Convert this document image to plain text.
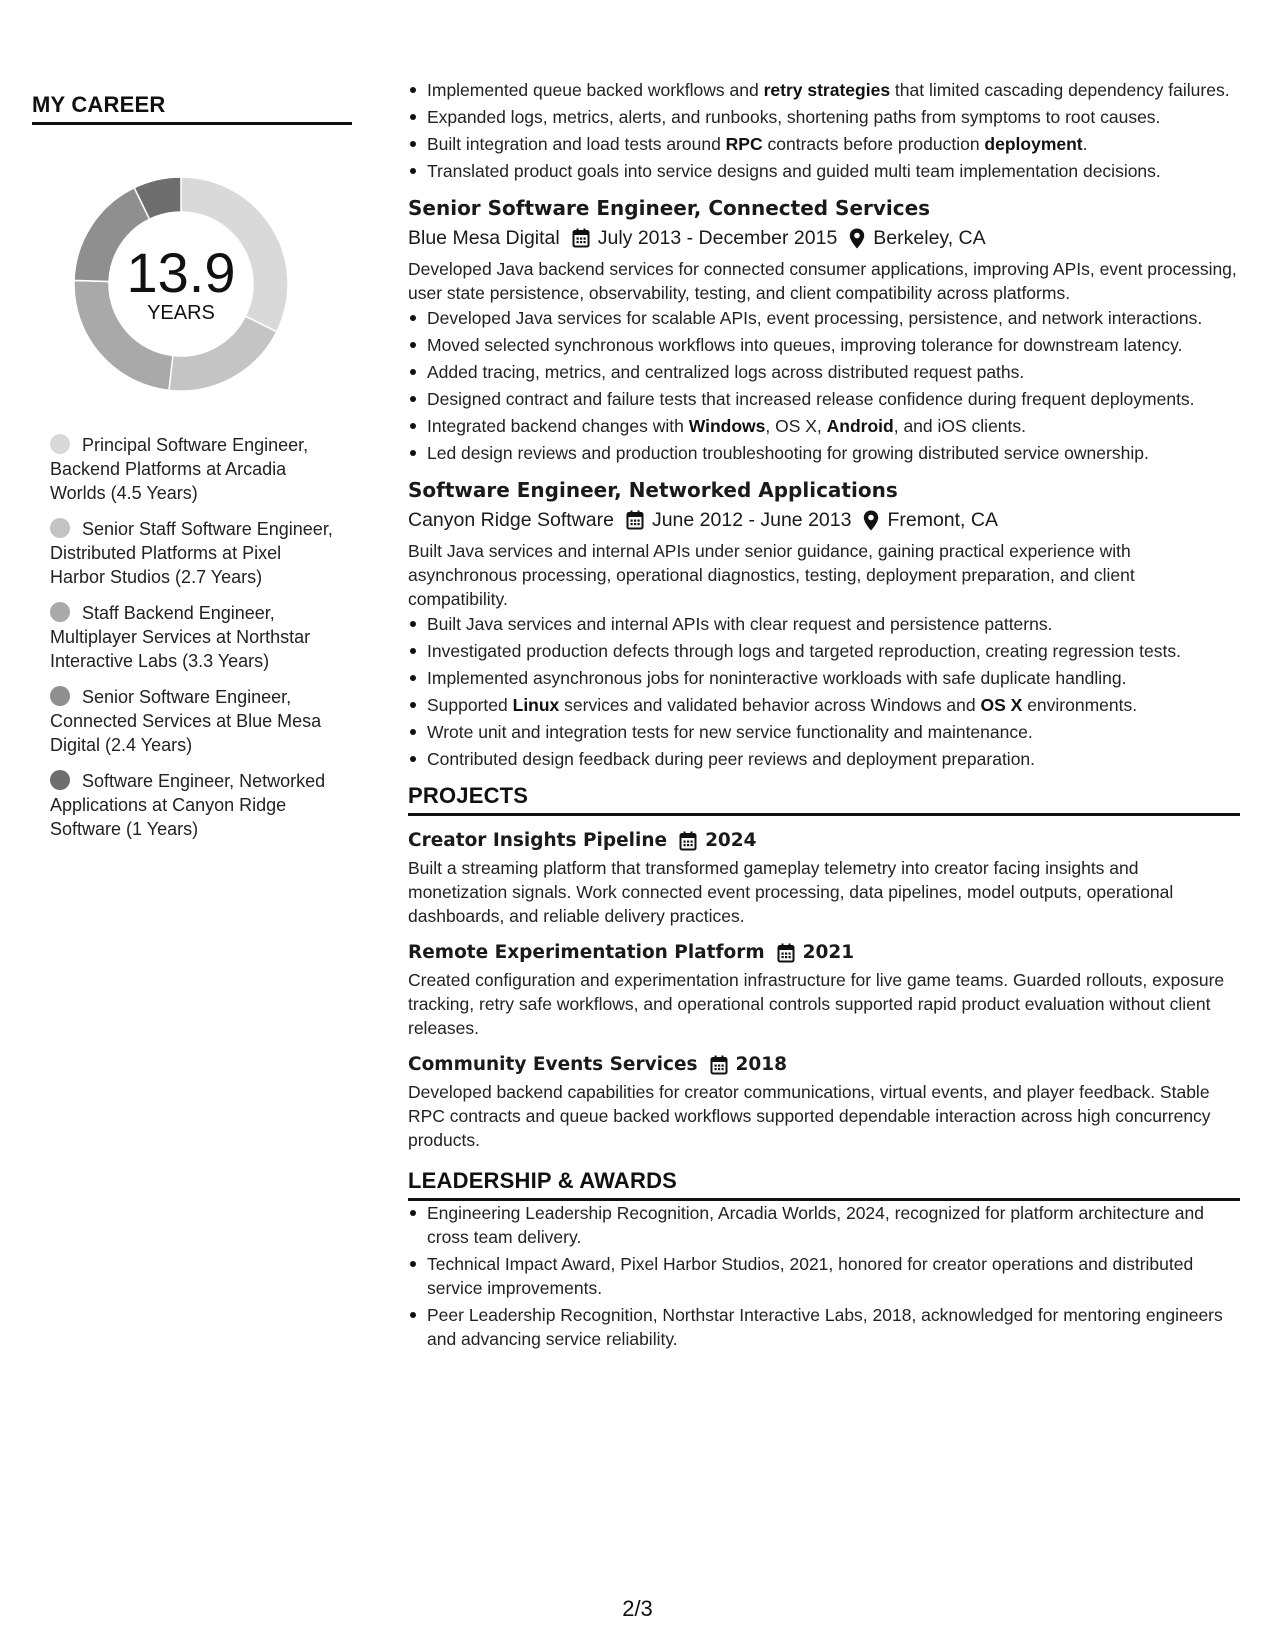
MY CAREER
13.9
YEARS
Principal Software Engineer, Backend Platforms at Arcadia Worlds (4.5 Years)
Senior Staff Software Engineer, Distributed Platforms at Pixel Harbor Studios (2.7 Years)
Staff Backend Engineer, Multiplayer Services at Northstar Interactive Labs (3.3 Years)
Senior Software Engineer, Connected Services at Blue Mesa Digital (2.4 Years)
Software Engineer, Networked Applications at Canyon Ridge Software (1 Years)
Implemented queue backed workflows and retry strategies that limited cascading dependency failures.
Expanded logs, metrics, alerts, and runbooks, shortening paths from symptoms to root causes.
Built integration and load tests around RPC contracts before production deployment.
Translated product goals into service designs and guided multi team implementation decisions.
Senior Software Engineer, Connected Services
Blue Mesa Digital July 2013 - December 2015 Berkeley, CA
Developed Java backend services for connected consumer applications, improving APIs, event processing, user state persistence, observability, testing, and client compatibility across platforms.
Developed Java services for scalable APIs, event processing, persistence, and network interactions.
Moved selected synchronous workflows into queues, improving tolerance for downstream latency.
Added tracing, metrics, and centralized logs across distributed request paths.
Designed contract and failure tests that increased release confidence during frequent deployments.
Integrated backend changes with Windows, OS X, Android, and iOS clients.
Led design reviews and production troubleshooting for growing distributed service ownership.
Software Engineer, Networked Applications
Canyon Ridge Software June 2012 - June 2013 Fremont, CA
Built Java services and internal APIs under senior guidance, gaining practical experience with asynchronous processing, operational diagnostics, testing, deployment preparation, and client compatibility.
Built Java services and internal APIs with clear request and persistence patterns.
Investigated production defects through logs and targeted reproduction, creating regression tests.
Implemented asynchronous jobs for noninteractive workloads with safe duplicate handling.
Supported Linux services and validated behavior across Windows and OS X environments.
Wrote unit and integration tests for new service functionality and maintenance.
Contributed design feedback during peer reviews and deployment preparation.
PROJECTS
Creator Insights Pipeline 2024
Built a streaming platform that transformed gameplay telemetry into creator facing insights and monetization signals. Work connected event processing, data pipelines, model outputs, operational dashboards, and reliable delivery practices.
Remote Experimentation Platform 2021
Created configuration and experimentation infrastructure for live game teams. Guarded rollouts, exposure tracking, retry safe workflows, and operational controls supported rapid product evaluation without client releases.
Community Events Services 2018
Developed backend capabilities for creator communications, virtual events, and player feedback. Stable RPC contracts and queue backed workflows supported dependable interaction across high concurrency products.
LEADERSHIP & AWARDS
Engineering Leadership Recognition, Arcadia Worlds, 2024, recognized for platform architecture and cross team delivery.
Technical Impact Award, Pixel Harbor Studios, 2021, honored for creator operations and distributed service improvements.
Peer Leadership Recognition, Northstar Interactive Labs, 2018, acknowledged for mentoring engineers and advancing service reliability.
2/3
